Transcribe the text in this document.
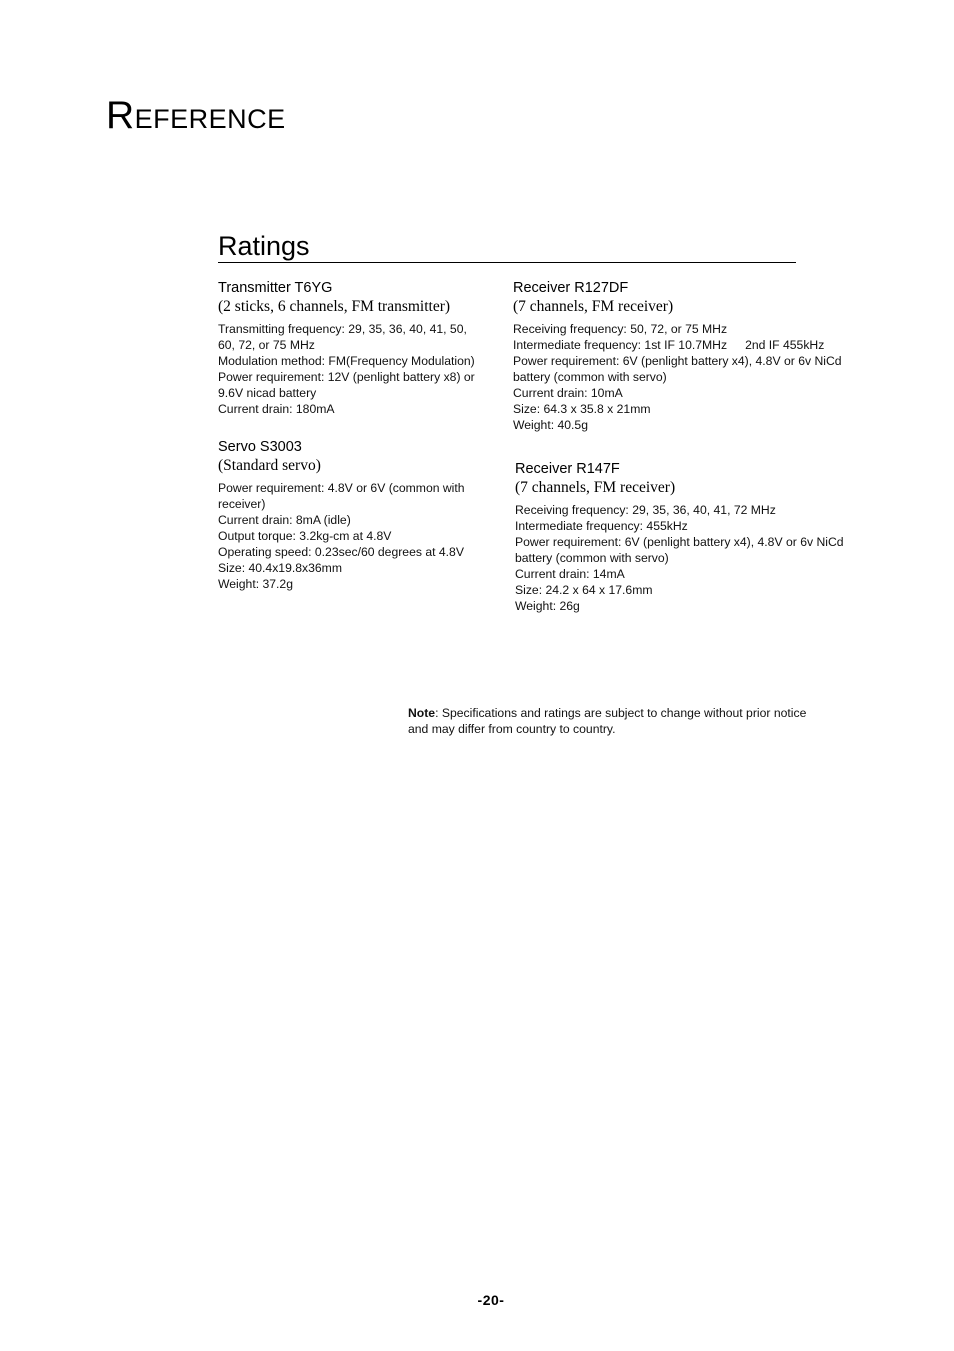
Reference
Ratings
Transmitter T6YG

(2 sticks, 6 channels, FM transmitter)

Transmitting frequency: 29, 35, 36, 40, 41, 50,
60, 72, or 75 MHz
Modulation method: FM(Frequency Modulation)
Power requirement: 12V (penlight battery x8) or
9.6V nicad battery
Current drain: 180mA

Servo S3003

(Standard servo)

Power requirement: 4.8V or 6V (common with
receiver)
Current drain: 8mA (idle)
Output torque: 3.2kg-cm at 4.8V
Operating speed: 0.23sec/60 degrees at 4.8V
Size: 40.4x19.8x36mm
Weight: 37.2g

Receiver R127DF

(7 channels, FM receiver)

Receiving frequency: 50, 72, or 75 MHz
Intermediate frequency: 1st IF 10.7MHz 2nd IF 455kHz
Power requirement: 6V (penlight battery x4), 4.8V or 6v NiCd
battery (common with servo)
Current drain: 10mA
Size: 64.3 x 35.8 x 21mm
Weight: 40.5g

Receiver R147F

(7 channels, FM receiver)

Receiving frequency: 29, 35, 36, 40, 41, 72 MHz
Intermediate frequency: 455kHz
Power requirement: 6V (penlight battery x4), 4.8V or 6v NiCd
battery (common with servo)
Current drain: 14mA
Size: 24.2 x 64 x 17.6mm
Weight: 26g

Note: Specifications and ratings are subject to change without prior notice and may differ from country to country.

-20-
